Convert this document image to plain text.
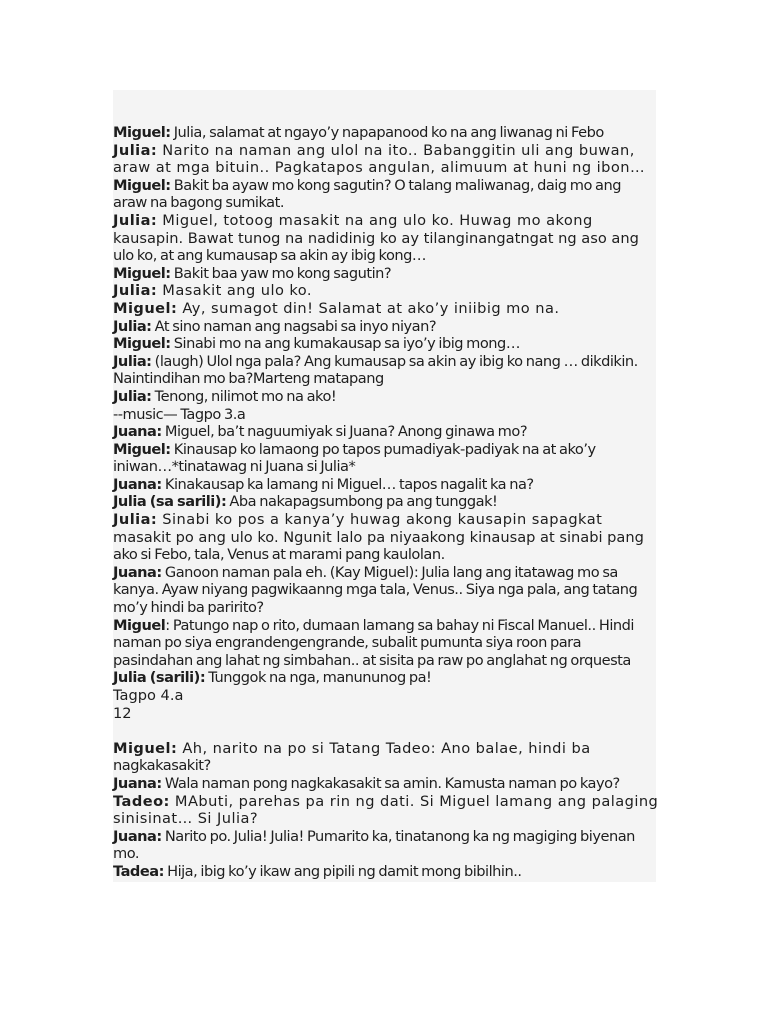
Miguel: Julia, salamat at ngayo’y napapanood ko na ang liwanag ni Febo
Julia: Narito na naman ang ulol na ito.. Babanggitin uli ang buwan,
araw at mga bituin.. Pagkatapos angulan, alimuum at huni ng ibon…
Miguel: Bakit ba ayaw mo kong sagutin? O talang maliwanag, daig mo ang
araw na bagong sumikat.
Julia: Miguel, totoog masakit na ang ulo ko. Huwag mo akong
kausapin. Bawat tunog na nadidinig ko ay tilanginangatngat ng aso ang
ulo ko, at ang kumausap sa akin ay ibig kong…
Miguel: Bakit baa yaw mo kong sagutin?
Julia: Masakit ang ulo ko.
Miguel: Ay, sumagot din! Salamat at ako’y iniibig mo na.
Julia: At sino naman ang nagsabi sa inyo niyan?
Miguel: Sinabi mo na ang kumakausap sa iyo’y ibig mong…
Julia: (laugh) Ulol nga pala? Ang kumausap sa akin ay ibig ko nang … dikdikin.
Naintindihan mo ba?Marteng matapang
Julia: Tenong, nilimot mo na ako!
--music— Tagpo 3.a
Juana: Miguel, ba’t naguumiyak si Juana? Anong ginawa mo?
Miguel: Kinausap ko lamaong po tapos pumadiyak-padiyak na at ako’y
iniwan…*tinatawag ni Juana si Julia*
Juana: Kinakausap ka lamang ni Miguel… tapos nagalit ka na?
Julia (sa sarili): Aba nakapagsumbong pa ang tunggak!
Julia: Sinabi ko pos a kanya’y huwag akong kausapin sapagkat
masakit po ang ulo ko. Ngunit lalo pa niyaakong kinausap at sinabi pang
ako si Febo, tala, Venus at marami pang kaulolan.
Juana: Ganoon naman pala eh. (Kay Miguel): Julia lang ang itatawag mo sa
kanya. Ayaw niyang pagwikaanng mga tala, Venus.. Siya nga pala, ang tatang
mo’y hindi ba paririto?
Miguel: Patungo nap o rito, dumaan lamang sa bahay ni Fiscal Manuel.. Hindi
naman po siya engrandengengrande, subalit pumunta siya roon para
pasindahan ang lahat ng simbahan.. at sisita pa raw po anglahat ng orquesta
Julia (sarili): Tunggok na nga, manununog pa!
Tagpo 4.a
12
Miguel: Ah, narito na po si Tatang Tadeo: Ano balae, hindi ba
nagkakasakit?
Juana: Wala naman pong nagkakasakit sa amin. Kamusta naman po kayo?
Tadeo: MAbuti, parehas pa rin ng dati. Si Miguel lamang ang palaging
sinisinat… Si Julia?
Juana: Narito po. Julia! Julia! Pumarito ka, tinatanong ka ng magiging biyenan
mo.
Tadea: Hija, ibig ko’y ikaw ang pipili ng damit mong bibilhin..
